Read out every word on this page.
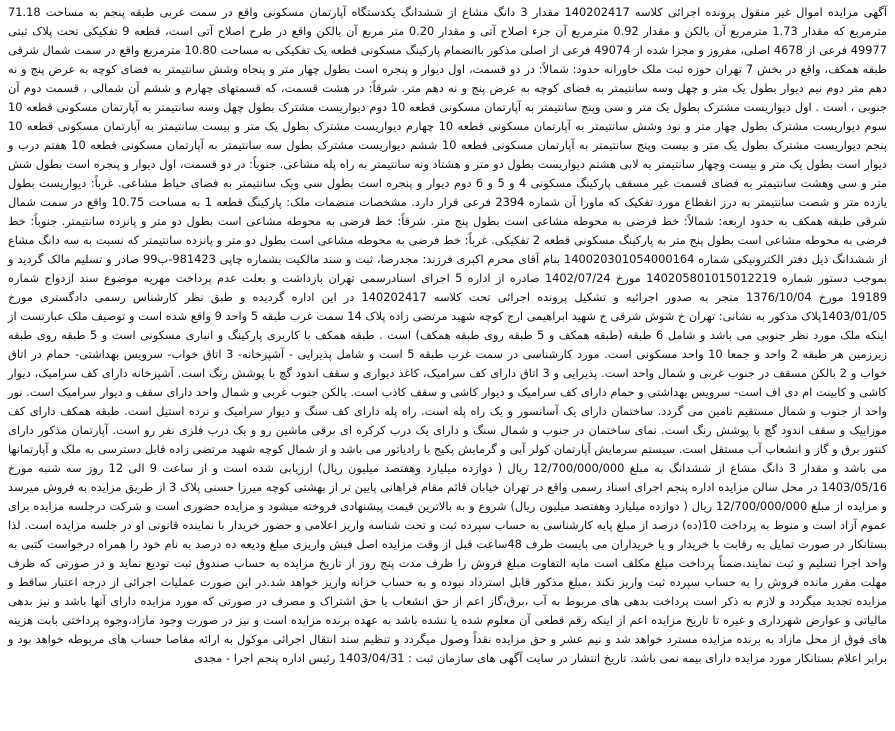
آگهی مزایده اموال غیر منقول پرونده اجرائی کلاسه 140202417 مقدار 3 دانگ مشاع از ششدانگ یکدستگاه آپارتمان مسکونی واقع در سمت غربی طبقه پنجم به مساحت 71.18 مترمربع که مقدار 1.73 مترمربع آن بالکن و مقدار 0.92 مترمربع آن جزء اصلاح آتی و مقدار 0.20 متر مربع آن بالکن واقع در طرح اصلاح آتی است، قطعه 9 تفکیکی تحت پلاک ثبتی 49977 فرعی از 4678 اصلی، مفروز و مجزا شده از 49074 فرعی از اصلی مذکور باانضمام پارکینگ مسکونی قطعه یک تفکیکی به مساحت 10.80 مترمربع واقع در سمت شمال شرقی طبقه همکف، واقع در بخش 7 تهران حوزه ثبت ملک خاورانه حدود: شمالاً: در دو قسمت، اول دیوار و پنجره است بطول چهار متر و پنجاه وشش سانتیمتر به فضای کوچه به عرض پنج و نه دهم متر دوم نیم دیوار بطول یک متر و چهل وسه سانتیمتر به فضای کوچه به عرض پنج و نه دهم متر. شرقاً: در هشت قسمت، که قسمتهای چهارم و ششم آن شمالی ، قسمت دوم آن جنوبی ، است . اول دیواریست مشترک بطول یک متر و سی وپنج سانتیمتر به آپارتمان مسکونی قطعه 10 دوم دیواریست مشترک بطول چهل وسه سانتیمتر به آپارتمان مسکونی قطعه 10 سوم دیواریست مشترک بطول چهار متر و نود وشش سانتیمتر به آپارتمان مسکونی قطعه 10 چهارم دیواریست مشترک بطول یک متر و بیست سانتیمتر به آپارتمان مسکونی قطعه 10 پنجم دیواریست مشترک بطول یک متر و بیست وپنج سانتیمتر به آپارتمان مسکونی قطعه 10 ششم دیواریست مشترک بطول سه سانتیمتر به آپارتمان مسکونی قطعه 10 هفتم درب و دیوار است بطول یک متر و بیست وچهار سانتیمتر به لابی هشتم دیواریست بطول دو متر و هشتاد ونه سانتیمتر به راه پله مشاعی. جنوباً: در دو قسمت، اول دیوار و پنجره است بطول شش متر و سی وهشت سانتیمتر به فضای قسمت غیر مسقف پارکینگ مسکونی 4 و 5 و 6 دوم دیوار و پنجره است بطول سی ویک سانتیمتر به فضای حیاط مشاعی. غرباً: دیواریست بطول یازده متر و شصت سانتیمتر به درز انقطاع مورد تفکیک که ماورا آن شماره 2394 فرعی قرار دارد. مشخصات منضمات ملک: پارکینگ قطعه 1 به مساحت 10.75 واقع در سمت شمال شرقی طبقه همکف به حدود اربعه: شمالاً: خط فرضی به محوطه مشاعی است بطول پنج متر. شرقاً: خط فرضی به محوطه مشاعی است بطول دو متر و پانزده سانتیمتر. جنوباً: خط فرضی به محوطه مشاعی است بطول پنج متر به پارکینگ مسکونی قطعه 2 تفکیکی. غرباً: خط فرضی به محوطه مشاعی است بطول دو متر و پانزده سانتیمتر که نسبت به سه دانگ مشاع از ششدانگ ذیل دفتر الکترونیکی شماره 140020301054000164 بنام آقای محرم اکبری فرزند: مجدرضا، ثبت و سند مالکیت بشماره چاپی 981423-ب99 صادر و تسلیم مالک گردید و بموجب دستور شماره 140205801015012219 مورخ 1402/07/24 صادره از اداره 5 اجرای اسنادرسمی تهران بازداشت و بعلت عدم پرداخت مهریه موضوع سند ازدواج شماره 19189 مورخ 1376/10/04 منجر به صدور اجرائیه و تشکیل پرونده اجرائی تحت کلاسه 140202417 در این اداره گردیده و طبق نظر کارشناس رسمی دادگستری مورخ 1403/01/05پلاک مذکور به نشانی: تهران خ شوش شرقی خ شهید ابراهیمی ارج کوچه شهید مرتضی زاده پلاک 14 سمت غرب طبقه 5 واحد 9 واقع شده است و توصیف ملک عبارتست از اینکه ملک مورد نظر جنوبی می باشد و شامل 6 طبقه (طبقه همکف و 5 طبقه روی طبقه همکف) است . طبقه همکف با کاربری پارکینگ و انباری مسکونی است و 5 طبقه روی طبقه زیرزمین هر طبقه 2 واحد و جمعا 10 واحد مسکونی است. مورد کارشناسی در سمت غرب طبقه 5 است و شامل پذیرایی - آشپزخانه- 3 اتاق خواب- سرویس بهداشتی- حمام در اتاق خواب و 2 بالکن مسقف در جنوب غربی و شمال واحد است. پذیرایی و 3 اتاق دارای کف سرامیک، کاغذ دیواری و سقف اندود گچ با پوشش رنگ است. آشپزخانه دارای کف سرامیک، دیوار کاشی و کابینت ام دی اف است- سرویس بهداشتی و حمام دارای کف سرامیک و دیوار کاشی و سقف کاذب است. بالکن جنوب غربی و شمال واحد دارای سقف و دیوار سرامیک است. نور واحد از جنوب و شمال مستقیم تامین می گردد. ساختمان دارای یک آسانسور و یک راه پله است. راه پله دارای کف سنگ و دیوار سرامیک و نرده استیل است. طبقه همکف دارای کف موزاییک و سقف اندود گچ با پوشش رنگ است. نمای ساختمان در جنوب و شمال سنگ و دارای یک درب کرکره ای برقی ماشین رو و یک درب فلزی نفر رو است. آپارتمان مذکور دارای کنتور برق و گاز و انشعاب آب مستقل است. سیستم سرمایش آپارتمان کولر آبی و گرمایش پکیج با رادیاتور می باشد و از شمال کوچه شهید مرتضی زاده قابل دسترسی به ملک و آپارتمانها می باشد و مقدار 3 دانگ مشاع از ششدانگ به مبلغ 12/700/000/000 ریال ( دوازده میلیارد وهفتصد میلیون ریال) ارزیابی شده است و از ساعت 9 الی 12 روز سه شنبه مورخ 1403/05/16 در محل سالن مزایده اداره پنجم اجرای اسناد رسمی واقع در تهران خیابان قائم مقام فراهانی پایین تر از بهشتی کوچه میرزا حسنی پلاک 3 از طریق مزایده به فروش میرسد و مزایده از مبلغ 12/700/000/000 ریال ( دوازده میلیارد وهفتصد میلیون ریال) شروع و به بالاترین قیمت پیشنهادی فروخته میشود و مزایده حضوری است و شرکت درجلسه مزایده برای عموم آزاد است و منوط به پرداخت 10(ده) درصد از مبلغ پایه کارشناسی به حساب سپرده ثبت و تحت شناسه واریز اعلامی و حضور خریدار با نماینده قانونی او در جلسه مزایده است. لذا بستانکار در صورت تمایل به رقابت با خریدار و یا خریداران می بایست ظرف 48ساعت قبل از وقت مزایده اصل فیش واریزی مبلغ ودیعه ده درصد به نام خود را همراه درخواست کتبی به واحد اجرا تسلیم و ثبت نمایند.ضمناً پرداخت مبلغ مکلف است مابه التفاوت مبلغ فروش را ظرف مدت پنج روز از تاریخ مزایده به حساب صندوق ثبت تودیع نماید و در صورتی که ظرف مهلت مقرر مانده فروش را به حساب سپرده ثبت واریز نکند ،مبلغ مذکور قابل استرداد نبوده و به حساب خزانه واریز خواهد شد.در این صورت عملیات اجرائی از درجه اعتبار ساقط و مزایده تجدید میگردد و لازم به ذکر است پرداخت بدهی های مربوط به آب ،برق،گاز اعم از حق انشعاب یا حق اشتراک و مصرف در صورتی که مورد مزایده دارای آنها باشد و نیز بدهی مالیاتی و عوارض شهرداری و غیره تا تاریخ مزایده اعم از اینکه رقم قطعی آن معلوم شده یا نشده باشد به عهده برنده مزایده است و نیز در صورت وجود مازاد،وجوه پرداختی بابت هزینه های فوق از محل مازاد به برنده مزایده مسترد خواهد شد و نیم عشر و حق مزایده نقداً وصول میگردد و تنظیم سند انتقال اجرائی موکول به ارائه مفاصا حساب های مربوطه خواهد بود و برابر اعلام بستانکار مورد مزایده دارای بیمه نمی باشد. تاریخ انتشار در سایت آگهی های سازمان ثبت : 1403/04/31 رئیس اداره پنجم اجرا - مجدی
